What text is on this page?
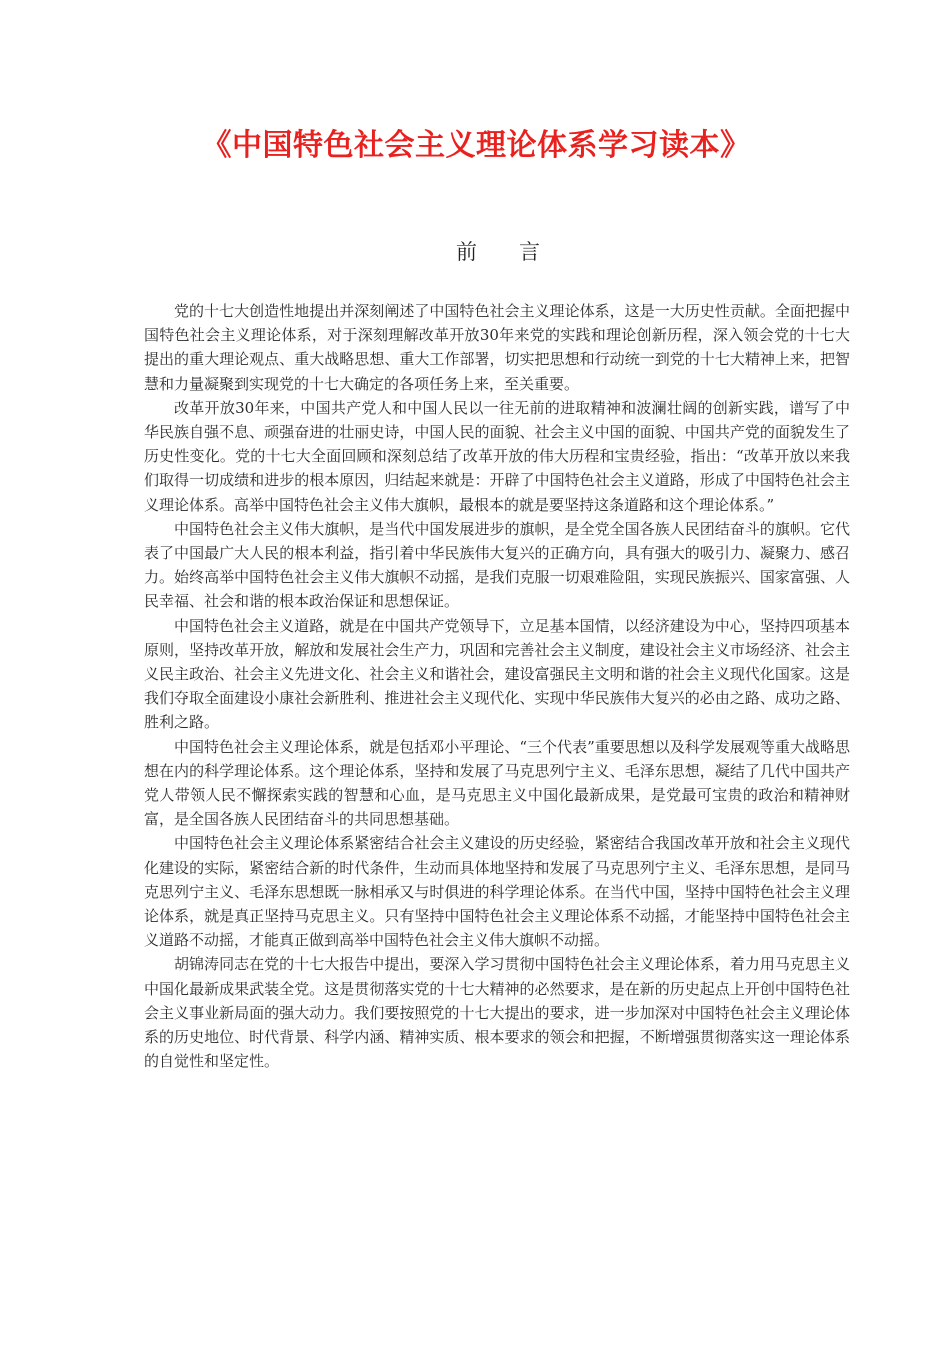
《中国特色社会主义理论体系学习读本》
前　　 言

党的十七大创造性地提出并深刻阐述了中国特色社会主义理论体系，这是一大历史性贡献。全面把握中国特色社会主义理论体系，对于深刻理解改革开放30年来党的实践和理论创新历程，深入领会党的十七大提出的重大理论观点、重大战略思想、重大工作部署，切实把思想和行动统一到党的十七大精神上来，把智慧和力量凝聚到实现党的十七大确定的各项任务上来，至关重要。

改革开放30年来，中国共产党人和中国人民以一往无前的进取精神和波澜壮阔的创新实践，谱写了中华民族自强不息、顽强奋进的壮丽史诗，中国人民的面貌、社会主义中国的面貌、中国共产党的面貌发生了历史性变化。党的十七大全面回顾和深刻总结了改革开放的伟大历程和宝贵经验，指出：“改革开放以来我们取得一切成绩和进步的根本原因，归结起来就是：开辟了中国特色社会主义道路，形成了中国特色社会主义理论体系。高举中国特色社会主义伟大旗帜，最根本的就是要坚持这条道路和这个理论体系。”

中国特色社会主义伟大旗帜，是当代中国发展进步的旗帜，是全党全国各族人民团结奋斗的旗帜。它代表了中国最广大人民的根本利益，指引着中华民族伟大复兴的正确方向，具有强大的吸引力、凝聚力、感召力。始终高举中国特色社会主义伟大旗帜不动摇，是我们克服一切艰难险阻，实现民族振兴、国家富强、人民幸福、社会和谐的根本政治保证和思想保证。

中国特色社会主义道路，就是在中国共产党领导下，立足基本国情，以经济建设为中心，坚持四项基本原则，坚持改革开放，解放和发展社会生产力，巩固和完善社会主义制度，建设社会主义市场经济、社会主义民主政治、社会主义先进文化、社会主义和谐社会，建设富强民主文明和谐的社会主义现代化国家。这是我们夺取全面建设小康社会新胜利、推进社会主义现代化、实现中华民族伟大复兴的必由之路、成功之路、胜利之路。

中国特色社会主义理论体系，就是包括邓小平理论、“三个代表”重要思想以及科学发展观等重大战略思想在内的科学理论体系。这个理论体系，坚持和发展了马克思列宁主义、毛泽东思想，凝结了几代中国共产党人带领人民不懈探索实践的智慧和心血，是马克思主义中国化最新成果，是党最可宝贵的政治和精神财富，是全国各族人民团结奋斗的共同思想基础。

中国特色社会主义理论体系紧密结合社会主义建设的历史经验，紧密结合我国改革开放和社会主义现代化建设的实际，紧密结合新的时代条件，生动而具体地坚持和发展了马克思列宁主义、毛泽东思想，是同马克思列宁主义、毛泽东思想既一脉相承又与时俱进的科学理论体系。在当代中国，坚持中国特色社会主义理论体系，就是真正坚持马克思主义。只有坚持中国特色社会主义理论体系不动摇，才能坚持中国特色社会主义道路不动摇，才能真正做到高举中国特色社会主义伟大旗帜不动摇。

胡锦涛同志在党的十七大报告中提出，要深入学习贯彻中国特色社会主义理论体系，着力用马克思主义中国化最新成果武装全党。这是贯彻落实党的十七大精神的必然要求，是在新的历史起点上开创中国特色社会主义事业新局面的强大动力。我们要按照党的十七大提出的要求，进一步加深对中国特色社会主义理论体系的历史地位、时代背景、科学内涵、精神实质、根本要求的领会和把握，不断增强贯彻落实这一理论体系的自觉性和坚定性。
